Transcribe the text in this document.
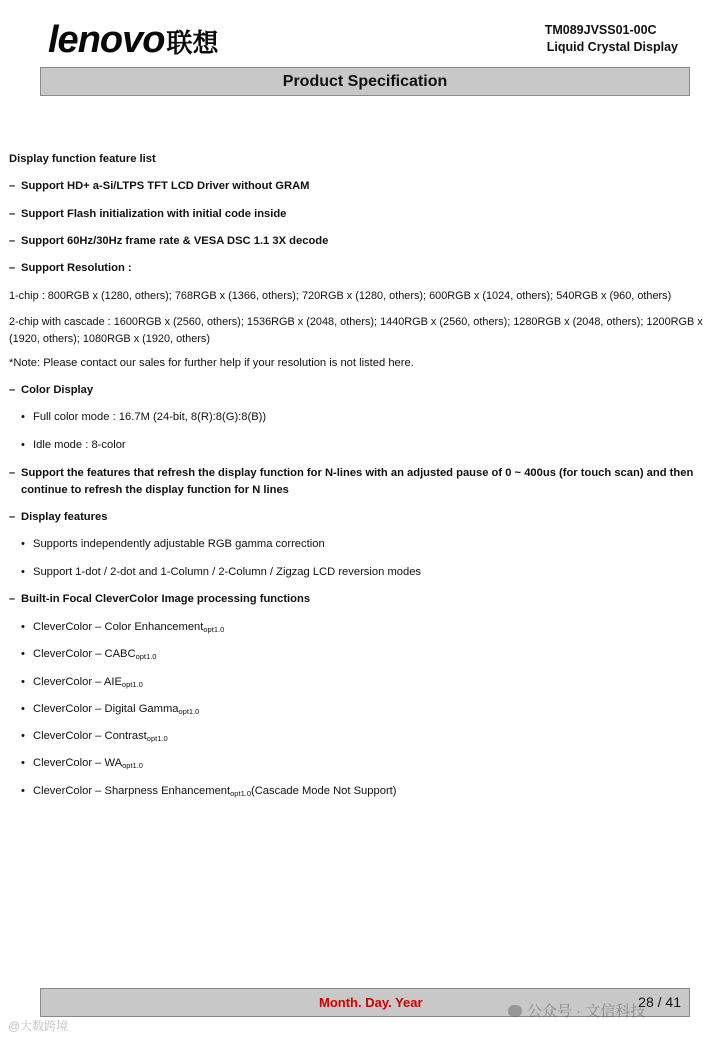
lenovo 联想	TM089JVSS01-00C
Liquid Crystal Display
Product Specification
Display function feature list
– Support HD+ a-Si/LTPS TFT LCD Driver without GRAM
– Support Flash initialization with initial code inside
– Support 60Hz/30Hz frame rate & VESA DSC 1.1 3X decode
– Support Resolution :
1-chip : 800RGB x (1280, others); 768RGB x (1366, others); 720RGB x (1280, others); 600RGB x (1024, others); 540RGB x (960, others)
2-chip with cascade : 1600RGB x (2560, others); 1536RGB x (2048, others); 1440RGB x (2560, others); 1280RGB x (2048, others); 1200RGB x (1920, others); 1080RGB x (1920, others)
*Note: Please contact our sales for further help if your resolution is not listed here.
– Color Display
• Full color mode : 16.7M (24-bit, 8(R):8(G):8(B))
• Idle mode : 8-color
– Support the features that refresh the display function for N-lines with an adjusted pause of 0 ~ 400us (for touch scan) and then continue to refresh the display function for N lines
– Display features
• Supports independently adjustable RGB gamma correction
• Support 1-dot / 2-dot and 1-Column / 2-Column / Zigzag LCD reversion modes
– Built-in Focal CleverColor Image processing functions
• CleverColor – Color Enhancement$_{opt1.0}$
• CleverColor – $CABC_{opt1.0}$
• CleverColor – $AIE_{opt1.0}$
• CleverColor – Digital Gamma$_{opt1.0}$
• CleverColor – Contrast$_{opt1.0}$
• CleverColor – $WA_{opt1.0}$
• CleverColor – Sharpness Enhancement$_{opt1.0}$(Cascade Mode Not Support)
Month. Day. Year	28 / 41
公众号 · 文信科技
@大数跨境
